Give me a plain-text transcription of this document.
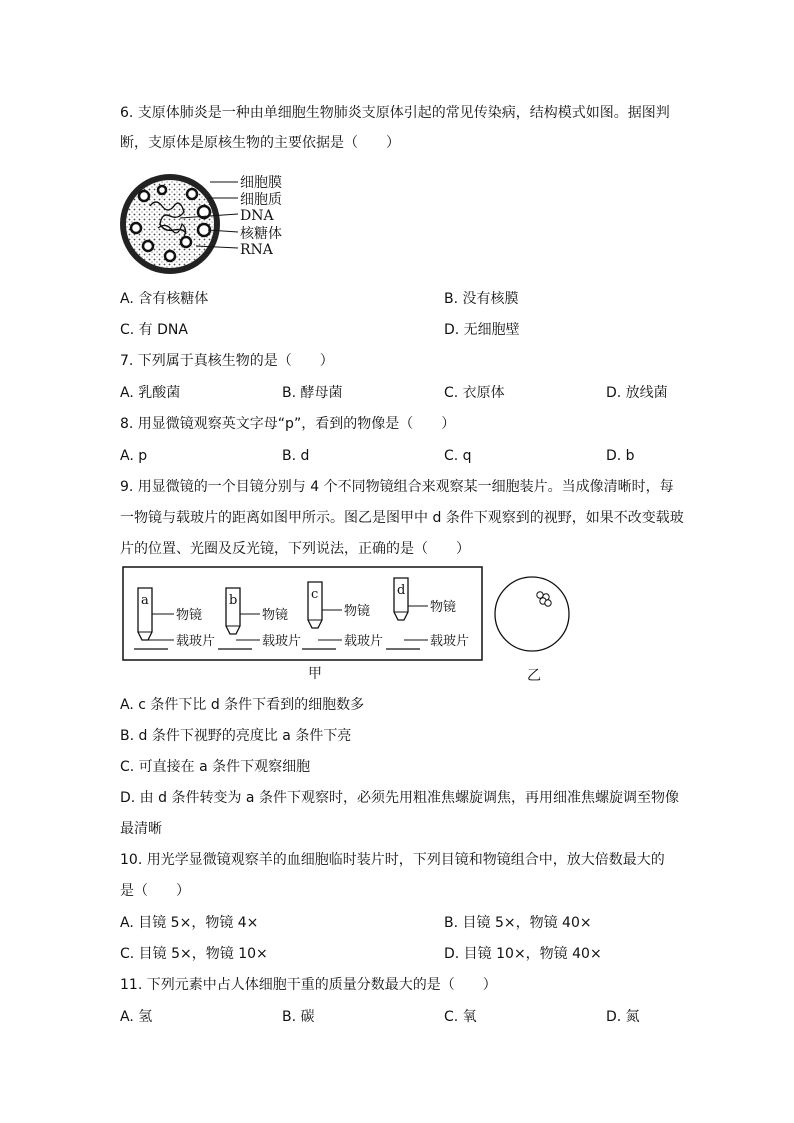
6. 支原体肺炎是一种由单细胞生物肺炎支原体引起的常见传染病，结构模式如图。据图判
断，支原体是原核生物的主要依据是（　　）
细胞膜
细胞质
DNA
核糖体
RNA
A. 含有核糖体	B. 没有核膜
C. 有 DNA	D. 无细胞壁
7. 下列属于真核生物的是（　　）
A. 乳酸菌	B. 酵母菌	C. 衣原体	D. 放线菌
8. 用显微镜观察英文字母“p”，看到的物像是（　　）
A. p	B. d	C. q	D. b
9. 用显微镜的一个目镜分别与 4 个不同物镜组合来观察某一细胞装片。当成像清晰时，每
一物镜与载玻片的距离如图甲所示。图乙是图甲中 d 条件下观察到的视野，如果不改变载玻
片的位置、光圈及反光镜，下列说法，正确的是（　　）
a
物镜
载玻片
b
物镜
载玻片
c
物镜
载玻片
d
物镜
载玻片
甲	乙
A. c 条件下比 d 条件下看到的细胞数多
B. d 条件下视野的亮度比 a 条件下亮
C. 可直接在 a 条件下观察细胞
D. 由 d 条件转变为 a 条件下观察时，必须先用粗准焦螺旋调焦，再用细准焦螺旋调至物像
最清晰
10. 用光学显微镜观察羊的血细胞临时装片时，下列目镜和物镜组合中，放大倍数最大的
是（　　）
A. 目镜 5×，物镜 4×	B. 目镜 5×，物镜 40×
C. 目镜 5×，物镜 10×	D. 目镜 10×，物镜 40×
11. 下列元素中占人体细胞干重的质量分数最大的是（　　）
A. 氢	B. 碳	C. 氧	D. 氮
